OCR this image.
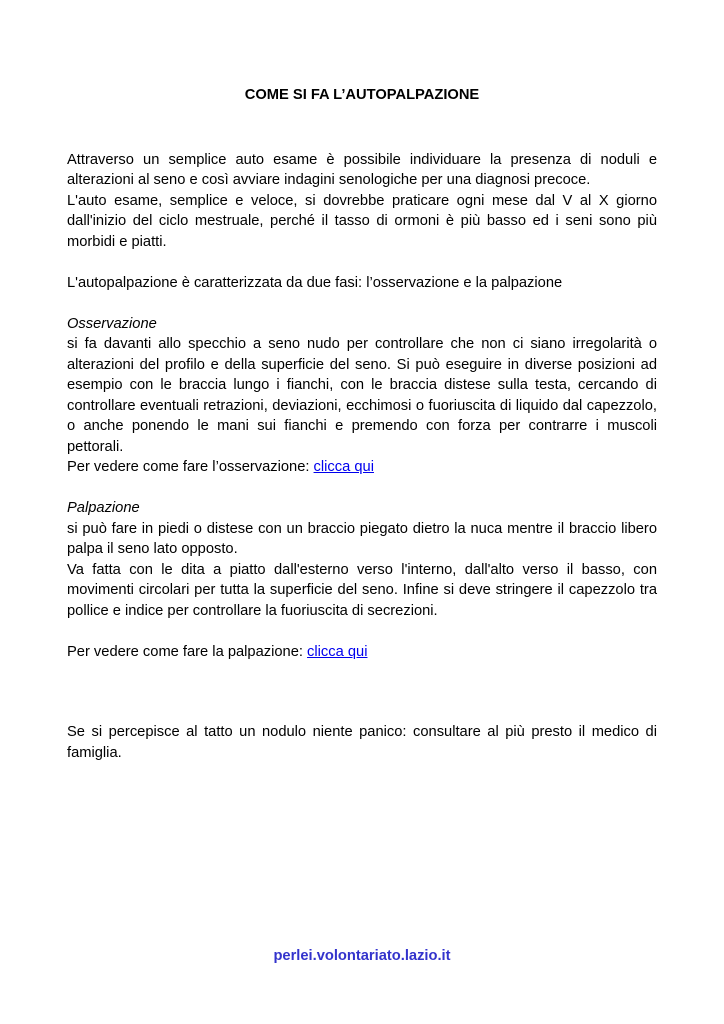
COME SI FA L’AUTOPALPAZIONE

Attraverso un semplice auto esame è possibile individuare la presenza di noduli e alterazioni al seno e così avviare indagini senologiche per una diagnosi precoce.

L'auto esame, semplice e veloce, si dovrebbe praticare ogni mese dal V al X giorno dall'inizio del ciclo mestruale, perché il tasso di ormoni è più basso ed i seni sono più morbidi e piatti.

L'autopalpazione è caratterizzata da due fasi: l’osservazione e la palpazione

Osservazione

si fa davanti allo specchio a seno nudo per controllare che non ci siano irregolarità o alterazioni del profilo e della superficie del seno. Si può eseguire in diverse posizioni ad esempio con le braccia lungo i fianchi, con le braccia distese sulla testa, cercando di controllare eventuali retrazioni, deviazioni, ecchimosi o fuoriuscita di liquido dal capezzolo, o anche ponendo le mani sui fianchi e premendo con forza per contrarre i muscoli pettorali.

Per vedere come fare l’osservazione: clicca qui

Palpazione

si può fare in piedi o distese con un braccio piegato dietro la nuca mentre il braccio libero palpa il seno lato opposto.

Va fatta con le dita a piatto dall'esterno verso l'interno, dall'alto verso il basso, con movimenti circolari per tutta la superficie del seno. Infine si deve stringere il capezzolo tra pollice e indice per controllare la fuoriuscita di secrezioni.

Per vedere come fare la palpazione: clicca qui

Se si percepisce al tatto un nodulo niente panico: consultare al più presto il medico di famiglia.

perlei.volontariato.lazio.it
